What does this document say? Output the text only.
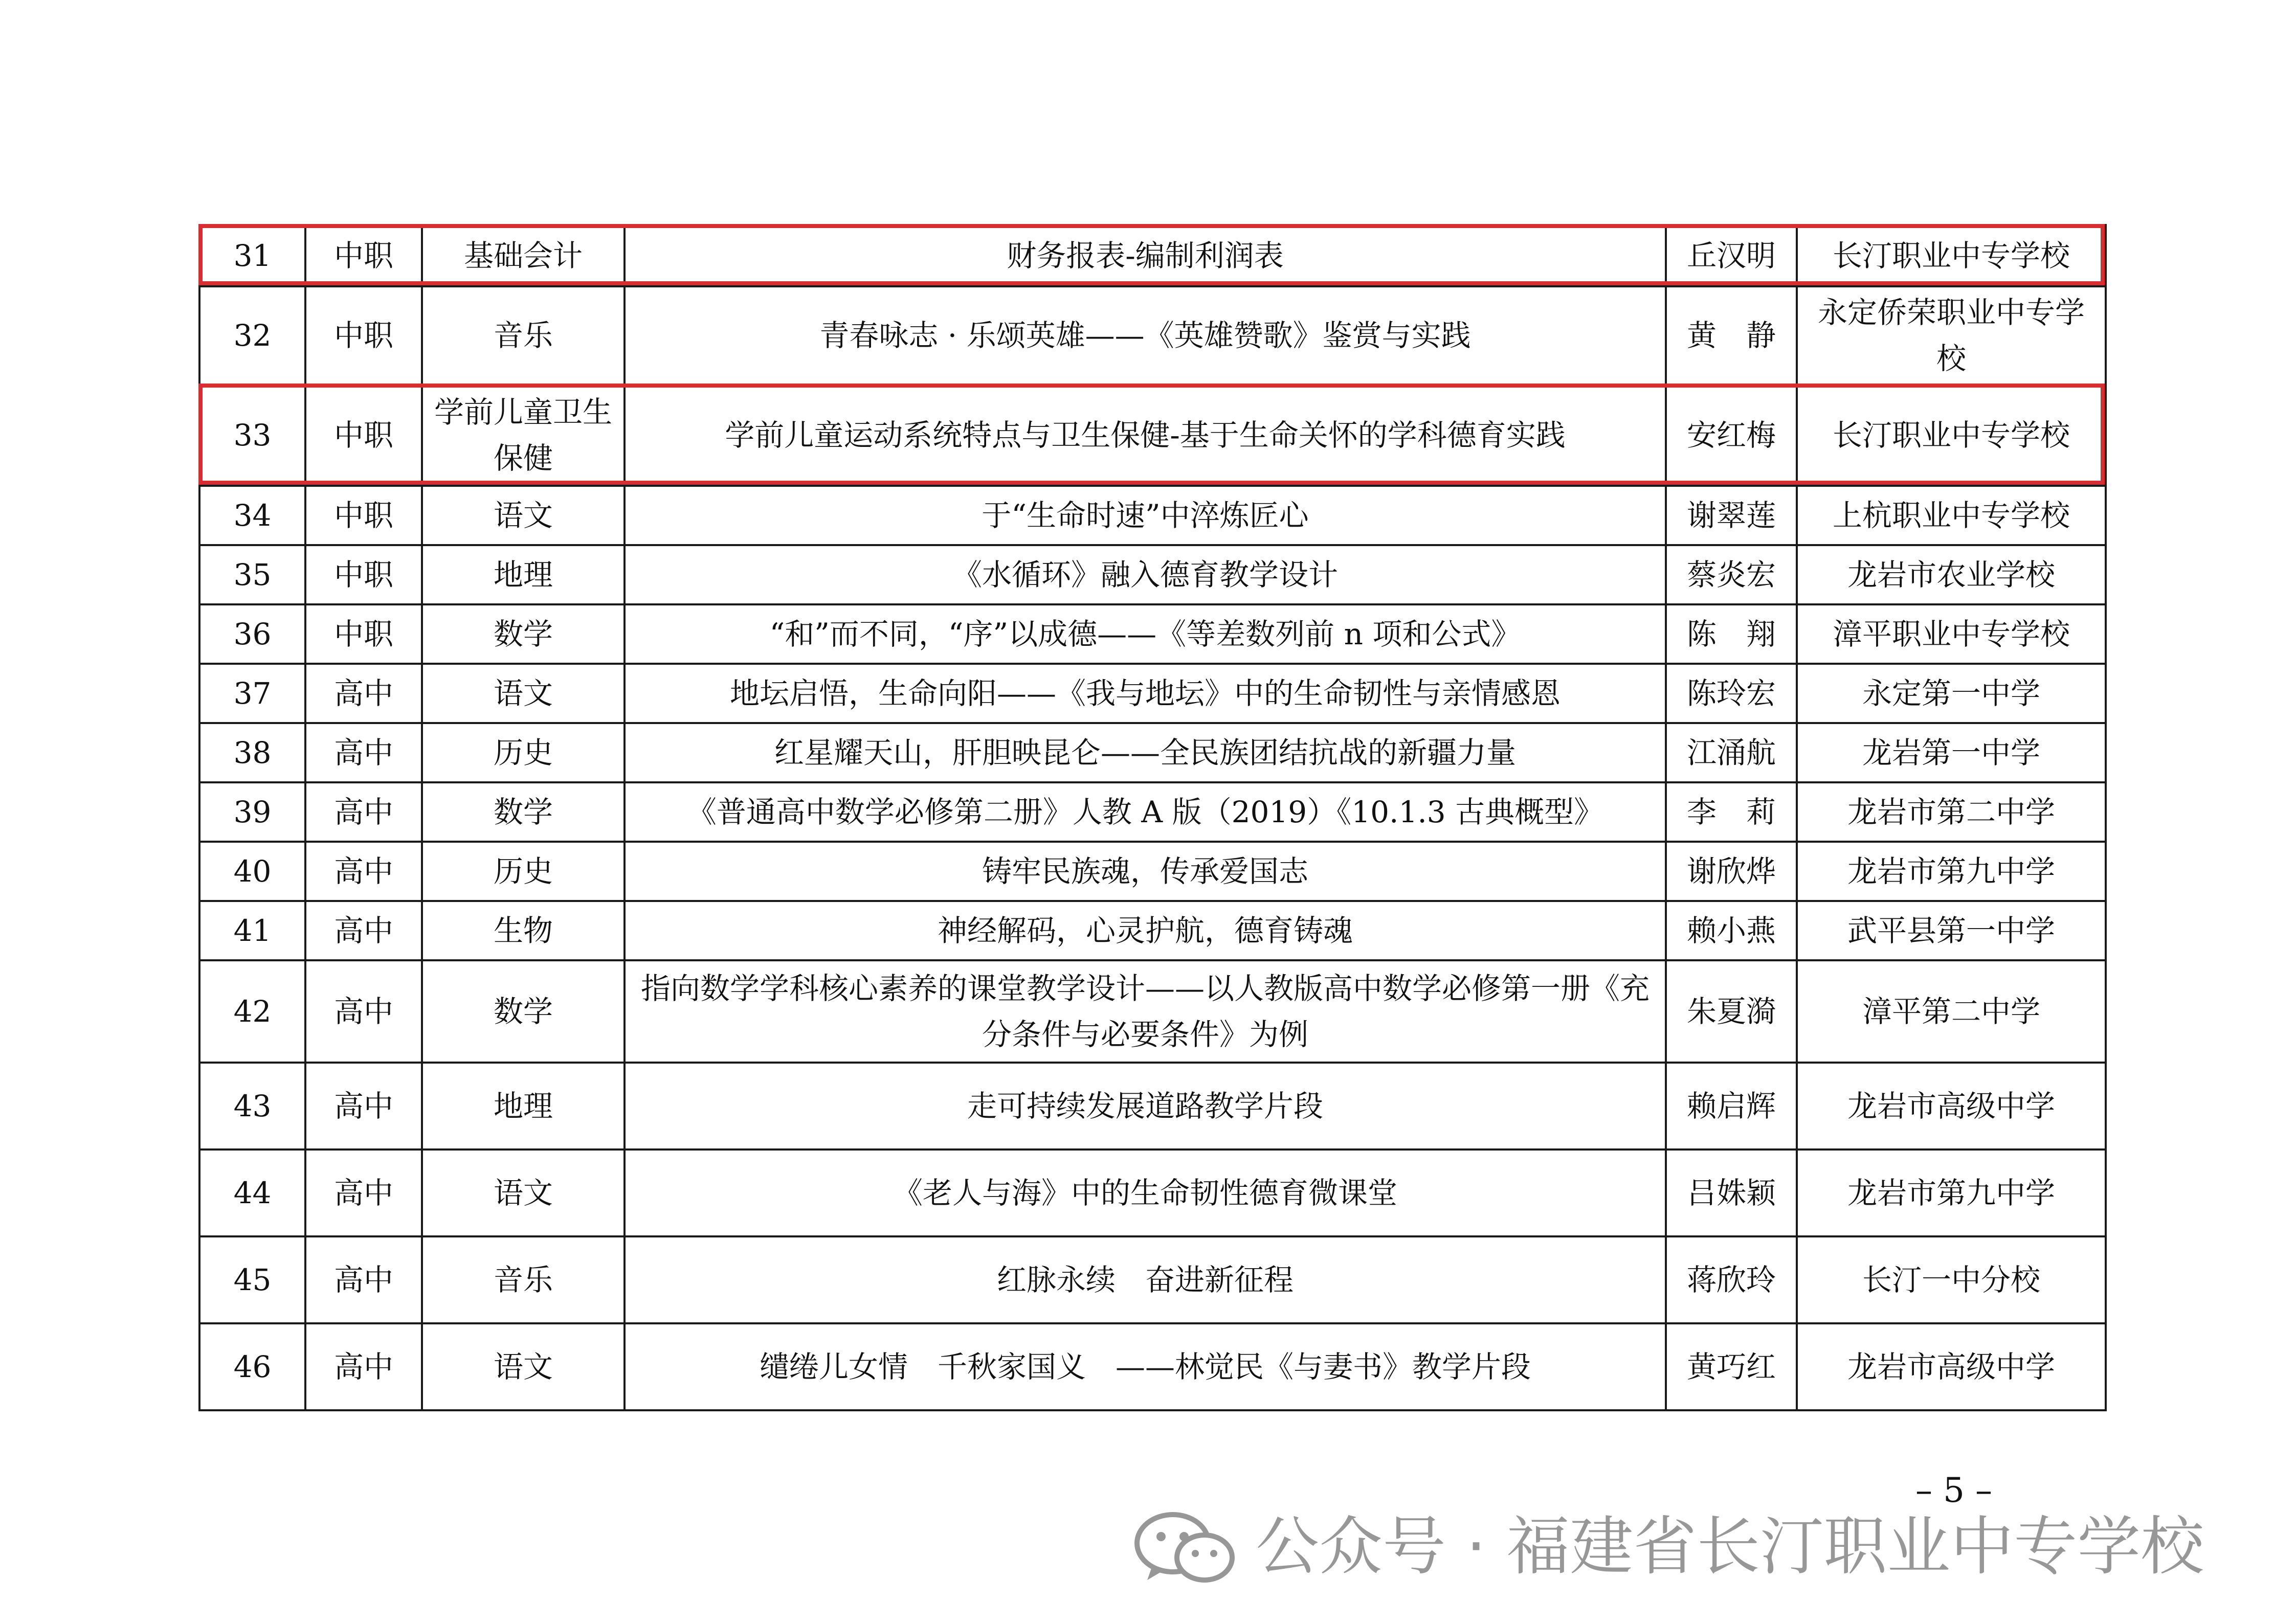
31	中职	基础会计	财务报表-编制利润表	丘汉明	长汀职业中专学校
32	中职	音乐	青春咏志 · 乐颂英雄——《英雄赞歌》鉴赏与实践	黄　静	永定侨荣职业中专学校
33	中职	学前儿童卫生保健	学前儿童运动系统特点与卫生保健-基于生命关怀的学科德育实践	安红梅	长汀职业中专学校
34	中职	语文	于“生命时速”中淬炼匠心	谢翠莲	上杭职业中专学校
35	中职	地理	《水循环》融入德育教学设计	蔡炎宏	龙岩市农业学校
36	中职	数学	“和”而不同，“序”以成德——《等差数列前 n 项和公式》	陈　翔	漳平职业中专学校
37	高中	语文	地坛启悟，生命向阳——《我与地坛》中的生命韧性与亲情感恩	陈玲宏	永定第一中学
38	高中	历史	红星耀天山，肝胆映昆仑——全民族团结抗战的新疆力量	江涌航	龙岩第一中学
39	高中	数学	《普通高中数学必修第二册》人教 A 版（2019）《10.1.3 古典概型》	李　莉	龙岩市第二中学
40	高中	历史	铸牢民族魂，传承爱国志	谢欣烨	龙岩市第九中学
41	高中	生物	神经解码，心灵护航，德育铸魂	赖小燕	武平县第一中学
42	高中	数学	指向数学学科核心素养的课堂教学设计——以人教版高中数学必修第一册《充分条件与必要条件》为例	朱夏漪	漳平第二中学
43	高中	地理	走可持续发展道路教学片段	赖启辉	龙岩市高级中学
44	高中	语文	《老人与海》中的生命韧性德育微课堂	吕姝颖	龙岩市第九中学
45	高中	音乐	红脉永续　奋进新征程	蒋欣玲	长汀一中分校
46	高中	语文	缱绻儿女情　千秋家国义　——林觉民《与妻书》教学片段	黄巧红	龙岩市高级中学
– 5 –
公众号 · 福建省长汀职业中专学校
